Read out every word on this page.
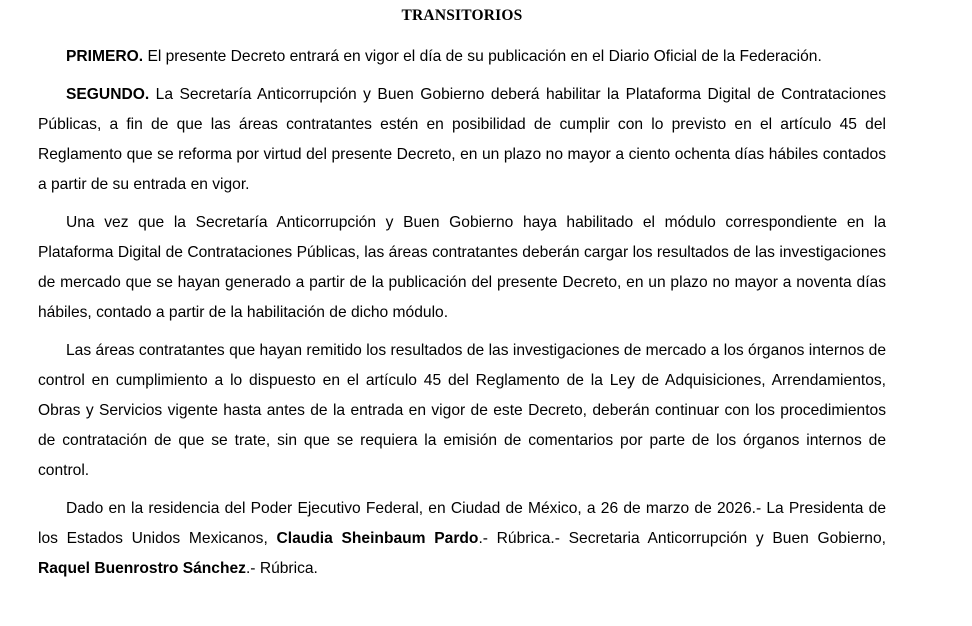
TRANSITORIOS

PRIMERO. El presente Decreto entrará en vigor el día de su publicación en el Diario Oficial de la Federación.

SEGUNDO. La Secretaría Anticorrupción y Buen Gobierno deberá habilitar la Plataforma Digital de Contrataciones Públicas, a fin de que las áreas contratantes estén en posibilidad de cumplir con lo previsto en el artículo 45 del Reglamento que se reforma por virtud del presente Decreto, en un plazo no mayor a ciento ochenta días hábiles contados a partir de su entrada en vigor.

Una vez que la Secretaría Anticorrupción y Buen Gobierno haya habilitado el módulo correspondiente en la Plataforma Digital de Contrataciones Públicas, las áreas contratantes deberán cargar los resultados de las investigaciones de mercado que se hayan generado a partir de la publicación del presente Decreto, en un plazo no mayor a noventa días hábiles, contado a partir de la habilitación de dicho módulo.

Las áreas contratantes que hayan remitido los resultados de las investigaciones de mercado a los órganos internos de control en cumplimiento a lo dispuesto en el artículo 45 del Reglamento de la Ley de Adquisiciones, Arrendamientos, Obras y Servicios vigente hasta antes de la entrada en vigor de este Decreto, deberán continuar con los procedimientos de contratación de que se trate, sin que se requiera la emisión de comentarios por parte de los órganos internos de control.

Dado en la residencia del Poder Ejecutivo Federal, en Ciudad de México, a 26 de marzo de 2026.- La Presidenta de los Estados Unidos Mexicanos, Claudia Sheinbaum Pardo.- Rúbrica.- Secretaria Anticorrupción y Buen Gobierno, Raquel Buenrostro Sánchez.- Rúbrica.
